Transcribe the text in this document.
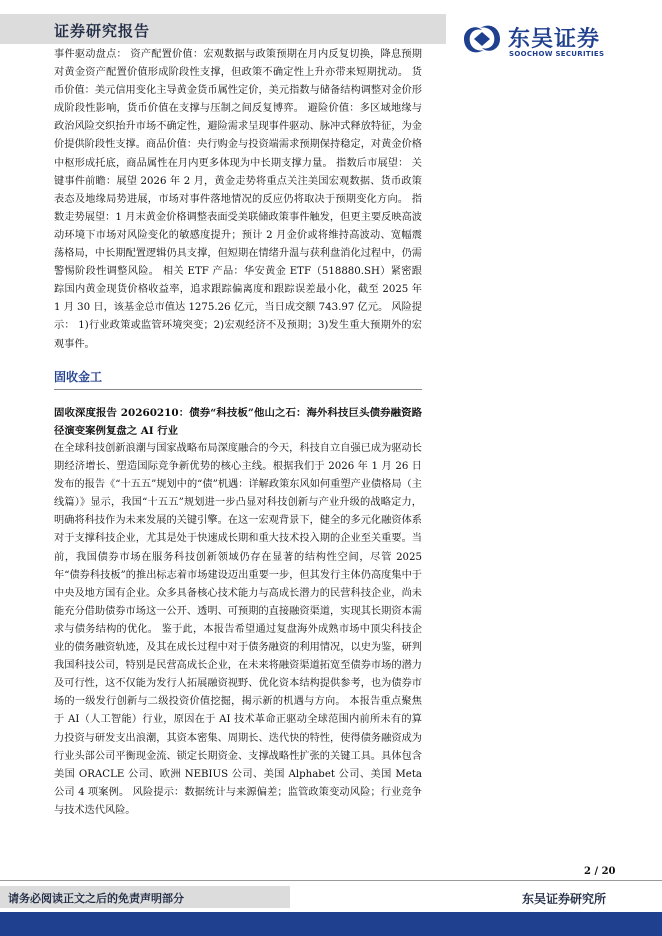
证券研究报告	东吴证券
SOOCHOW SECURITIES

事件驱动盘点： 资产配置价值：宏观数据与政策预期在月内反复切换，降息预期对黄金资产配置价值形成阶段性支撑，但政策不确定性上升亦带来短期扰动。 货币价值：美元信用变化主导黄金货币属性定价，美元指数与储备结构调整对金价形成阶段性影响，货币价值在支撑与压制之间反复博弈。 避险价值：多区域地缘与政治风险交织抬升市场不确定性，避险需求呈现事件驱动、脉冲式释放特征，为金价提供阶段性支撑。商品价值：央行购金与投资端需求预期保持稳定，对黄金价格中枢形成托底，商品属性在月内更多体现为中长期支撑力量。 指数后市展望： 关键事件前瞻：展望 2026 年 2 月，黄金走势将重点关注美国宏观数据、货币政策表态及地缘局势进展，市场对事件落地情况的反应仍将取决于预期变化方向。 指数走势展望：1 月末黄金价格调整表面受美联储政策事件触发，但更主要反映高波动环境下市场对风险变化的敏感度提升；预计 2 月金价或将维持高波动、宽幅震荡格局，中长期配置逻辑仍具支撑，但短期在情绪升温与获利盘消化过程中，仍需警惕阶段性调整风险。 相关 ETF 产品：华安黄金 ETF（518880.SH）紧密跟踪国内黄金现货价格收益率，追求跟踪偏离度和跟踪误差最小化，截至 2025 年 1 月 30 日，该基金总市值达 1275.26 亿元，当日成交额 743.97 亿元。 风险提示： 1)行业政策或监管环境突变；2)宏观经济不及预期；3)发生重大预期外的宏观事件。

固收金工

固收深度报告 20260210：债券“科技板”他山之石：海外科技巨头债券融资路径演变案例复盘之 AI 行业

在全球科技创新浪潮与国家战略布局深度融合的今天，科技自立自强已成为驱动长期经济增长、塑造国际竞争新优势的核心主线。根据我们于 2026 年 1 月 26 日发布的报告《“十五五”规划中的“债”机遇：详解政策东风如何重塑产业债格局（主线篇）》显示，我国“十五五”规划进一步凸显对科技创新与产业升级的战略定力，明确将科技作为未来发展的关键引擎。在这一宏观背景下，健全的多元化融资体系对于支撑科技企业，尤其是处于快速成长期和重大技术投入期的企业至关重要。当前，我国债券市场在服务科技创新领域仍存在显著的结构性空间，尽管 2025 年“债券科技板”的推出标志着市场建设迈出重要一步，但其发行主体仍高度集中于中央及地方国有企业。众多具备核心技术能力与高成长潜力的民营科技企业，尚未能充分借助债券市场这一公开、透明、可预期的直接融资渠道，实现其长期资本需求与债务结构的优化。 鉴于此，本报告希望通过复盘海外成熟市场中顶尖科技企业的债务融资轨迹，及其在成长过程中对于债务融资的利用情况，以史为鉴，研判我国科技公司，特别是民营高成长企业，在未来将融资渠道拓宽至债券市场的潜力及可行性，这不仅能为发行人拓展融资视野、优化资本结构提供参考，也为债券市场的一级发行创新与二级投资价值挖掘，揭示新的机遇与方向。 本报告重点聚焦于 AI（人工智能）行业，原因在于 AI 技术革命正驱动全球范围内前所未有的算力投资与研发支出浪潮，其资本密集、周期长、迭代快的特性，使得债务融资成为行业头部公司平衡现金流、锁定长期资金、支撑战略性扩张的关键工具。具体包含美国 ORACLE 公司、欧洲 NEBIUS 公司、美国 Alphabet 公司、美国 Meta 公司 4 项案例。 风险提示：数据统计与来源偏差；监管政策变动风险；行业竞争与技术迭代风险。

2 / 20
请务必阅读正文之后的免责声明部分	东吴证券研究所
